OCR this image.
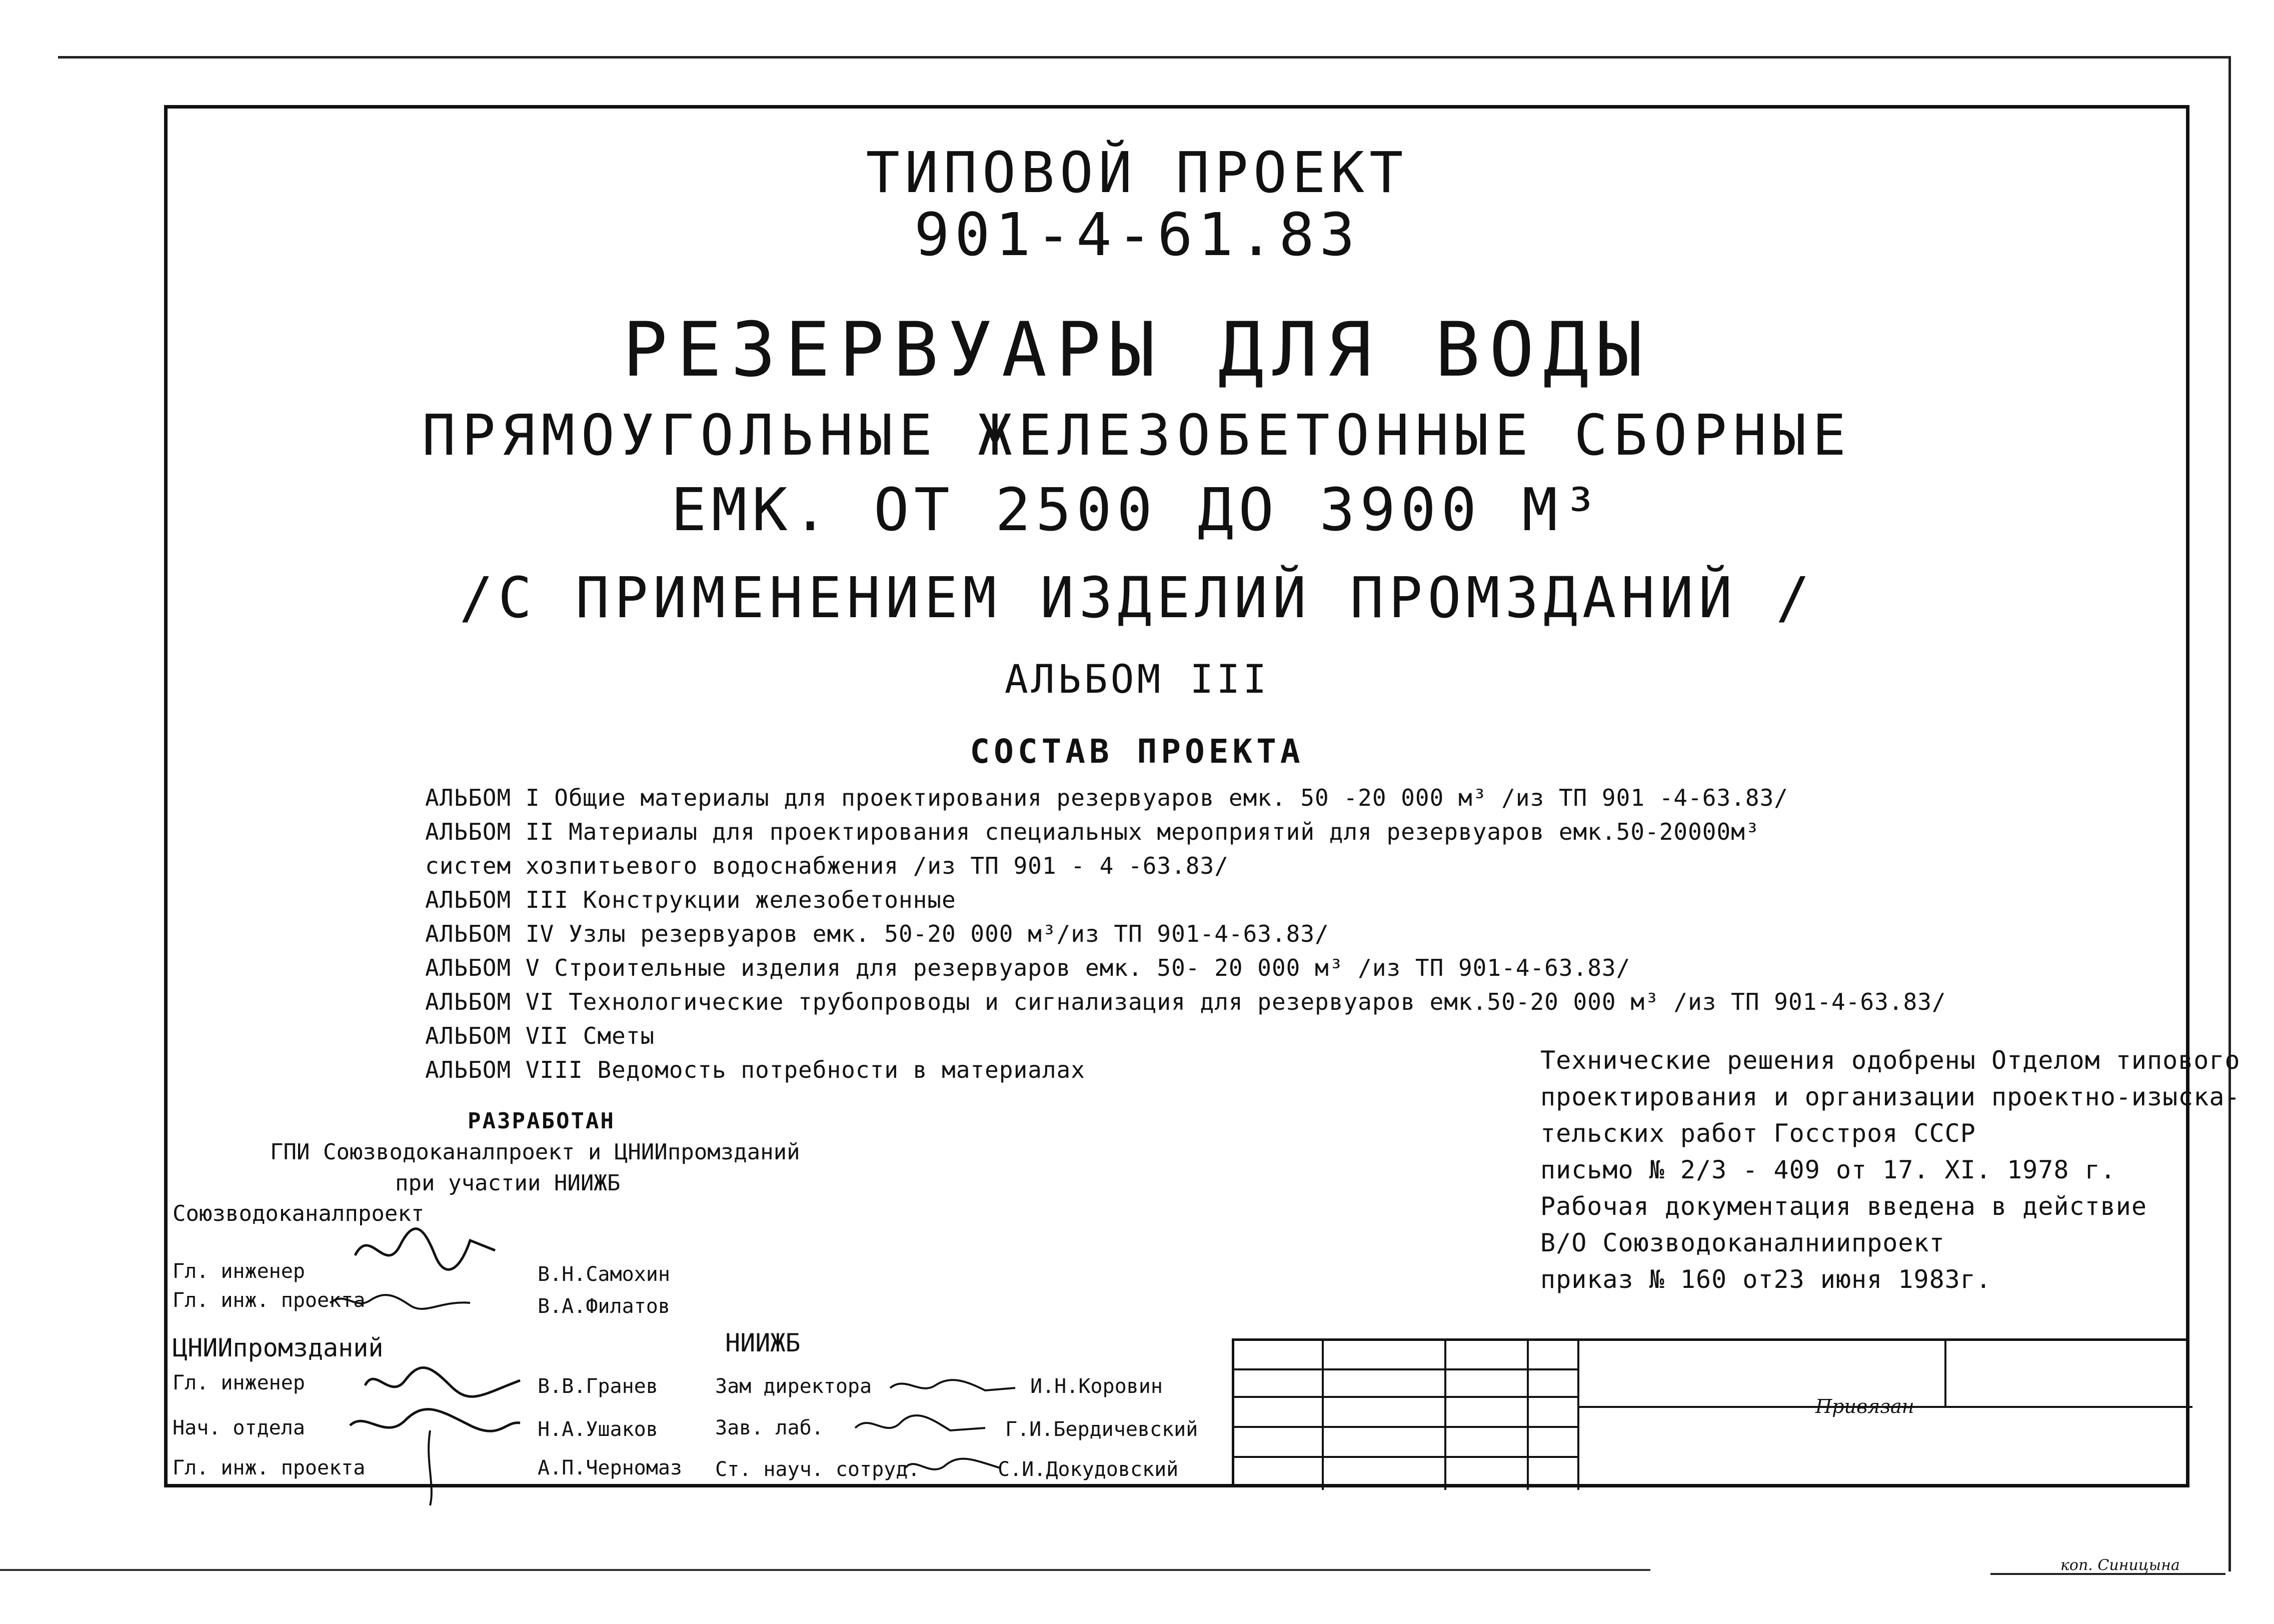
ТИПОВОЙ ПРОЕКТ
901-4-61.83
РЕЗЕРВУАРЫ ДЛЯ ВОДЫ
ПРЯМОУГОЛЬНЫЕ ЖЕЛЕЗОБЕТОННЫЕ СБОРНЫЕ
ЕМК. ОТ 2500 ДО 3900 М³
/С ПРИМЕНЕНИЕМ ИЗДЕЛИЙ ПРОМЗДАНИЙ /
АЛЬБОМ III
СОСТАВ ПРОЕКТА
АЛЬБОМ I Общие материалы для проектирования резервуаров емк. 50 -20 000 м³ /из ТП 901 -4-63.83/
АЛЬБОМ II Материалы для проектирования специальных мероприятий для резервуаров емк.50-20000м³
систем хозпитьевого водоснабжения /из ТП 901 - 4 -63.83/
АЛЬБОМ III Конструкции железобетонные
АЛЬБОМ IV Узлы резервуаров емк. 50-20 000 м³/из ТП 901-4-63.83/
АЛЬБОМ V Строительные изделия для резервуаров емк. 50- 20 000 м³ /из ТП 901-4-63.83/
АЛЬБОМ VI Технологические трубопроводы и сигнализация для резервуаров емк.50-20 000 м³ /из ТП 901-4-63.83/
АЛЬБОМ VII Сметы
АЛЬБОМ VIII Ведомость потребности в материалах	Технические решения одобрены Отделом типового
проектирования и организации проектно-изыска-
тельских работ Госстроя СССР
письмо № 2/3 - 409 от 17. XI. 1978 г.
Рабочая документация введена в действие
В/О Союзводоканалниипроект
приказ № 160 от23 июня 1983г.
РАЗРАБОТАН
ГПИ Союзводоканалпроект и ЦНИИпромзданий
при участии НИИЖБ
Союзводоканалпроект
Гл. инженер	В.Н.Самохин
Гл. инж. проекта	В.А.Филатов
ЦНИИпромзданий
Гл. инженер	В.В.Гранев
Нач. отдела	Н.А.Ушаков
Гл. инж. проекта	А.П.Черномаз
НИИЖБ
Зам директора	И.Н.Коровин
Зав. лаб.	Г.И.Бердичевский
Ст. науч. сотруд.	С.И.Докудовский
Привязан
коп. Синицына
